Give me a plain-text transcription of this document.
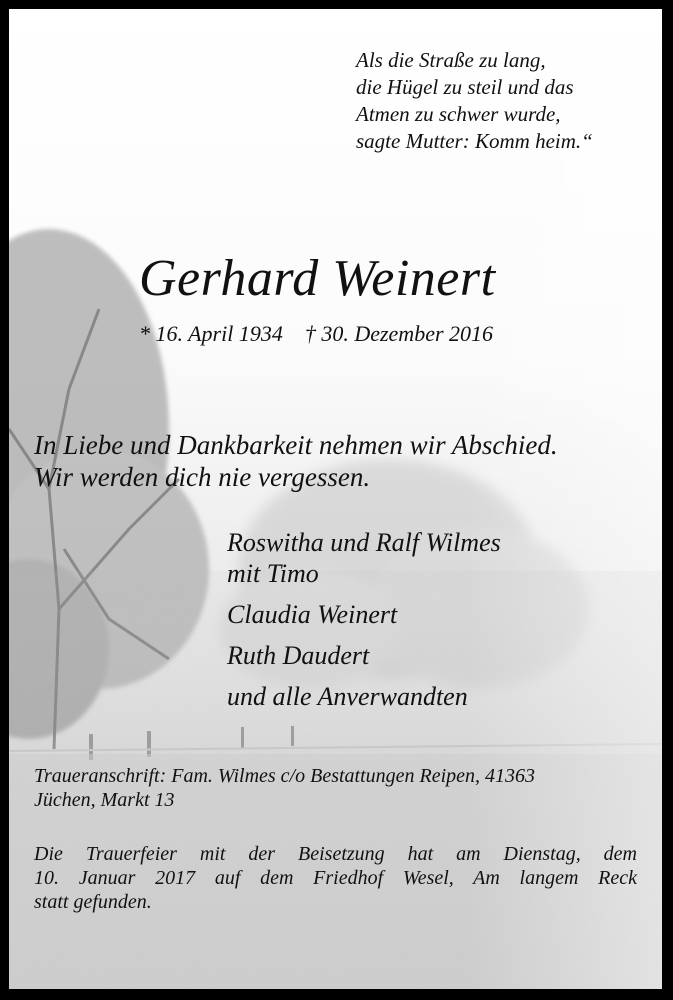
Als die Straße zu lang,
die Hügel zu steil und das
Atmen zu schwer wurde,
sagte Mutter: Komm heim.“
Gerhard Weinert
* 16. April 1934 † 30. Dezember 2016
In Liebe und Dankbarkeit nehmen wir Abschied.
Wir werden dich nie vergessen.
Roswitha und Ralf Wilmes
mit Timo
Claudia Weinert
Ruth Daudert
und alle Anverwandten
Traueranschrift: Fam. Wilmes c/o Bestattungen Reipen, 41363
Jüchen, Markt 13
Die Trauerfeier mit der Beisetzung hat am Dienstag, dem
10. Januar 2017 auf dem Friedhof Wesel, Am langem Reck
statt gefunden.
